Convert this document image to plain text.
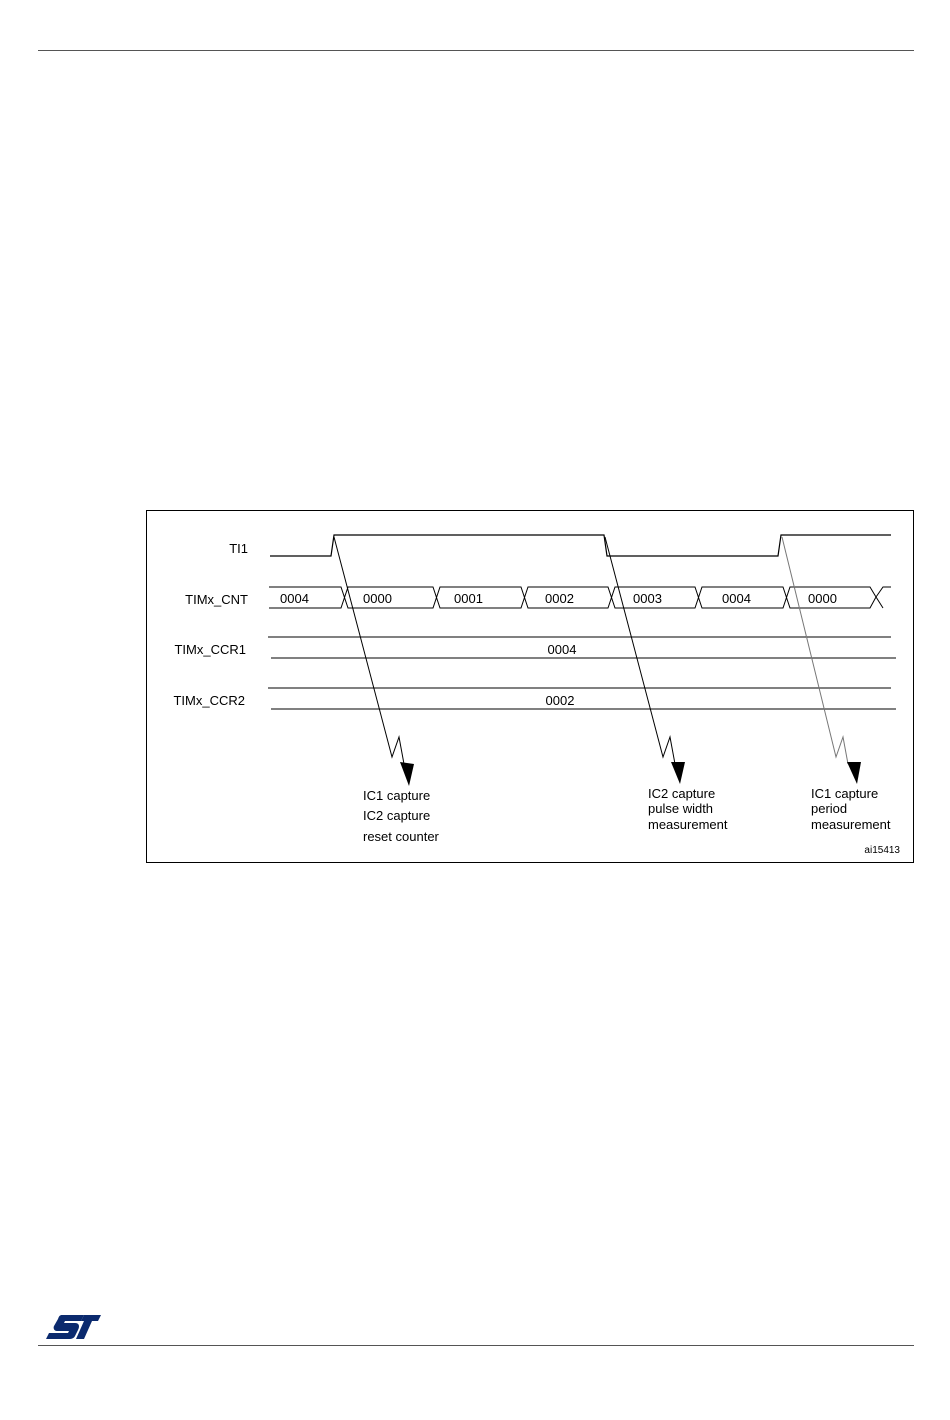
TI1
TIMx_CNT
TIMx_CCR1
TIMx_CCR2
0004	0000	0001	0002	0003	0004	0000
0004
0002
IC1 capture
IC2 capture
reset counter
IC2 capture
pulse width
measurement
IC1 capture
period
measurement
ai15413
